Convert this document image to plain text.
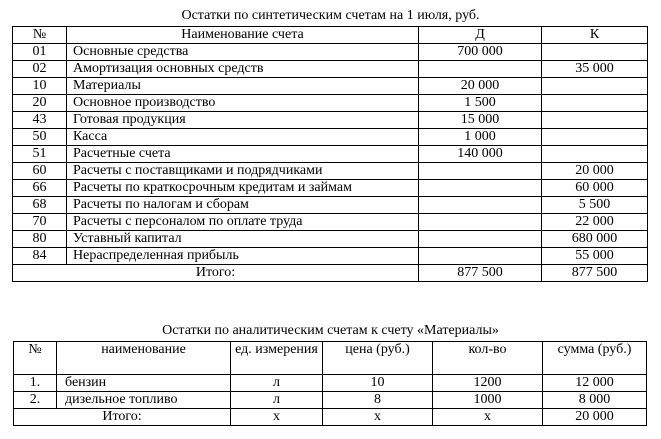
Остатки по синтетическим счетам на 1 июля, руб.
№	Наименование счета	Д	К
01	Основные средства	700 000	
02	Амортизация основных средств		35 000
10	Материалы	20 000	
20	Основное производство	1 500	
43	Готовая продукция	15 000	
50	Касса	1 000	
51	Расчетные счета	140 000	
60	Расчеты с поставщиками и подрядчиками		20 000
66	Расчеты по краткосрочным кредитам и займам		60 000
68	Расчеты по налогам и сборам		5 500
70	Расчеты с персоналом по оплате труда		22 000
80	Уставный капитал		680 000
84	Нераспределенная прибыль		55 000
Итого:		877 500	877 500
Остатки по аналитическим счетам к счету «Материалы»
№	наименование	ед. измерения	цена (руб.)	кол-во	сумма (руб.)
1.	бензин	л	10	1200	12 000
2.	дизельное топливо	л	8	1000	8 000
Итого:		х	х	х	20 000
